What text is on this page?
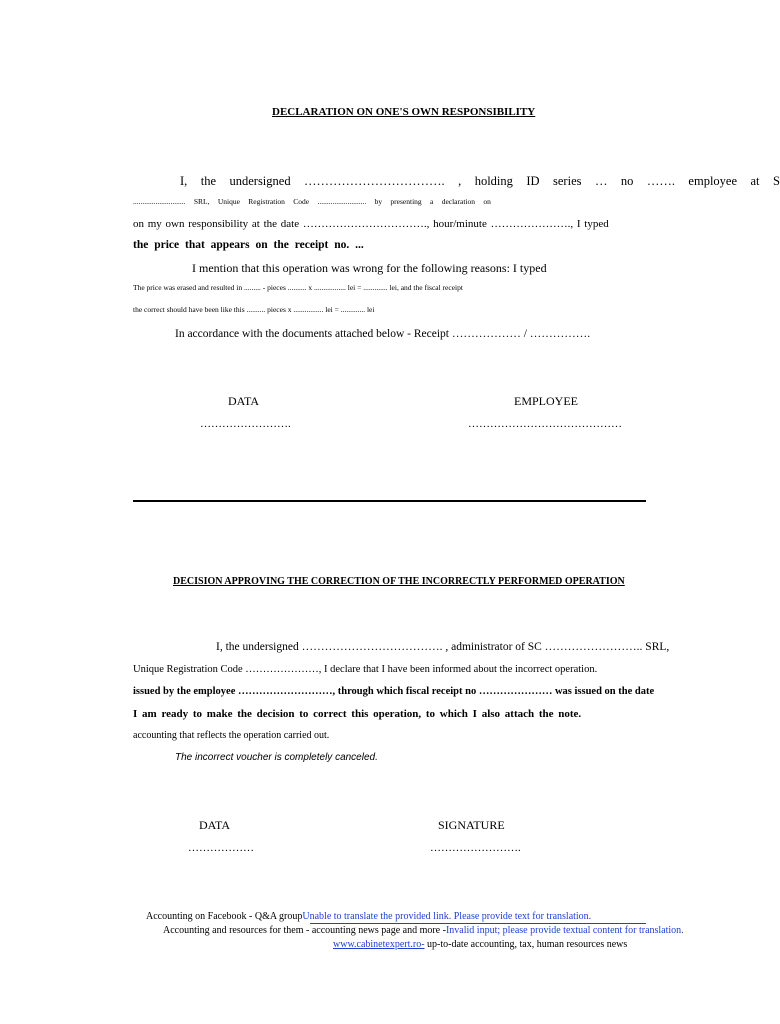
DECLARATION ON ONE'S OWN RESPONSIBILITY
I, the undersigned ……………………………. , holding ID series … no ……. employee at S
............................ SRL, Unique Registration Code .......................... by presenting a declaration on
on my own responsibility at the date ……………………………., hour/minute …………………., I typed
the price that appears on the receipt no. ...
I mention that this operation was wrong for the following reasons: I typed
The price was erased and resulted in ......... - pieces .......... x ................. lei = ............. lei, and the fiscal receipt
the correct should have been like this .......... pieces x ................ lei = ............. lei
In accordance with the documents attached below - Receipt ……………… / …………….
DATA
…………………….
EMPLOYEE
……………………………………
DECISION APPROVING THE CORRECTION OF THE INCORRECTLY PERFORMED OPERATION
I, the undersigned ………………………………. , administrator of SC …………………….. SRL,
Unique Registration Code …………………, I declare that I have been informed about the incorrect operation.
issued by the employee ………………………, through which fiscal receipt no ………………… was issued on the date
I am ready to make the decision to correct this operation, to which I also attach the note.
accounting that reflects the operation carried out.
The incorrect voucher is completely canceled.
DATA
………………
SIGNATURE
…………………….
Accounting on Facebook - Q&A groupUnable to translate the provided link. Please provide text for translation.
Accounting and resources for them - accounting news page and more -Invalid input; please provide textual content for translation.
www.cabinetexpert.ro- up-to-date accounting, tax, human resources news
